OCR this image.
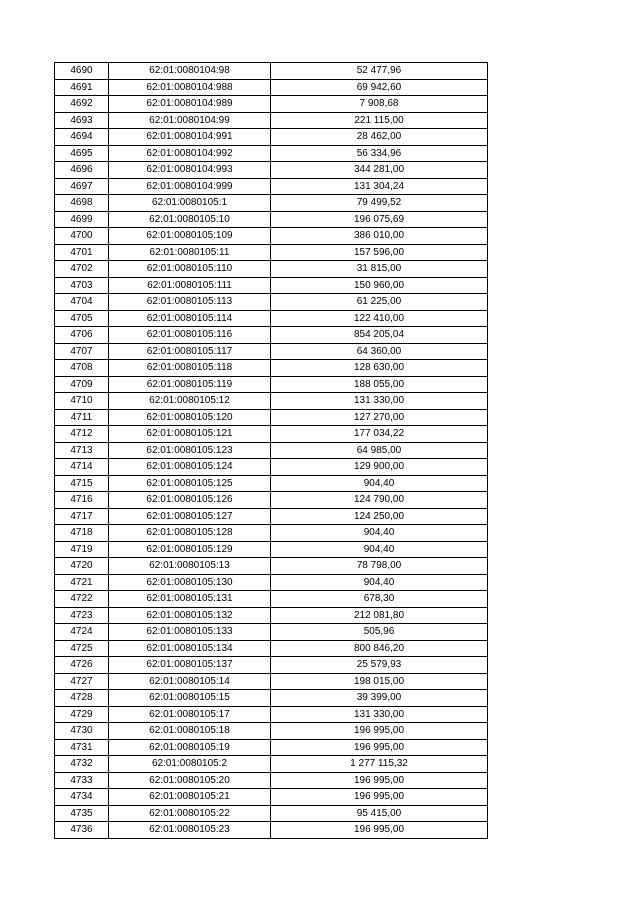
4690	62:01:0080104:98	52 477,96
4691	62:01:0080104:988	69 942,60
4692	62:01:0080104:989	7 908,68
4693	62:01:0080104:99	221 115,00
4694	62:01:0080104:991	28 462,00
4695	62:01:0080104:992	56 334,96
4696	62:01:0080104:993	344 281,00
4697	62:01:0080104:999	131 304,24
4698	62:01:0080105:1	79 499,52
4699	62:01:0080105:10	196 075,69
4700	62:01:0080105:109	386 010,00
4701	62:01:0080105:11	157 596,00
4702	62:01:0080105:110	31 815,00
4703	62:01:0080105:111	150 960,00
4704	62:01:0080105:113	61 225,00
4705	62:01:0080105:114	122 410,00
4706	62:01:0080105:116	854 205,04
4707	62:01:0080105:117	64 360,00
4708	62:01:0080105:118	128 630,00
4709	62:01:0080105:119	188 055,00
4710	62:01:0080105:12	131 330,00
4711	62:01:0080105:120	127 270,00
4712	62:01:0080105:121	177 034,22
4713	62:01:0080105:123	64 985,00
4714	62:01:0080105:124	129 900,00
4715	62:01:0080105:125	904,40
4716	62:01:0080105:126	124 790,00
4717	62:01:0080105:127	124 250,00
4718	62:01:0080105:128	904,40
4719	62:01:0080105:129	904,40
4720	62:01:0080105:13	78 798,00
4721	62:01:0080105:130	904,40
4722	62:01:0080105:131	678,30
4723	62:01:0080105:132	212 081,80
4724	62:01:0080105:133	505,96
4725	62:01:0080105:134	800 846,20
4726	62:01:0080105:137	25 579,93
4727	62:01:0080105:14	198 015,00
4728	62:01:0080105:15	39 399,00
4729	62:01:0080105:17	131 330,00
4730	62:01:0080105:18	196 995,00
4731	62:01:0080105:19	196 995,00
4732	62:01:0080105:2	1 277 115,32
4733	62:01:0080105:20	196 995,00
4734	62:01:0080105:21	196 995,00
4735	62:01:0080105:22	95 415,00
4736	62:01:0080105:23	196 995,00
